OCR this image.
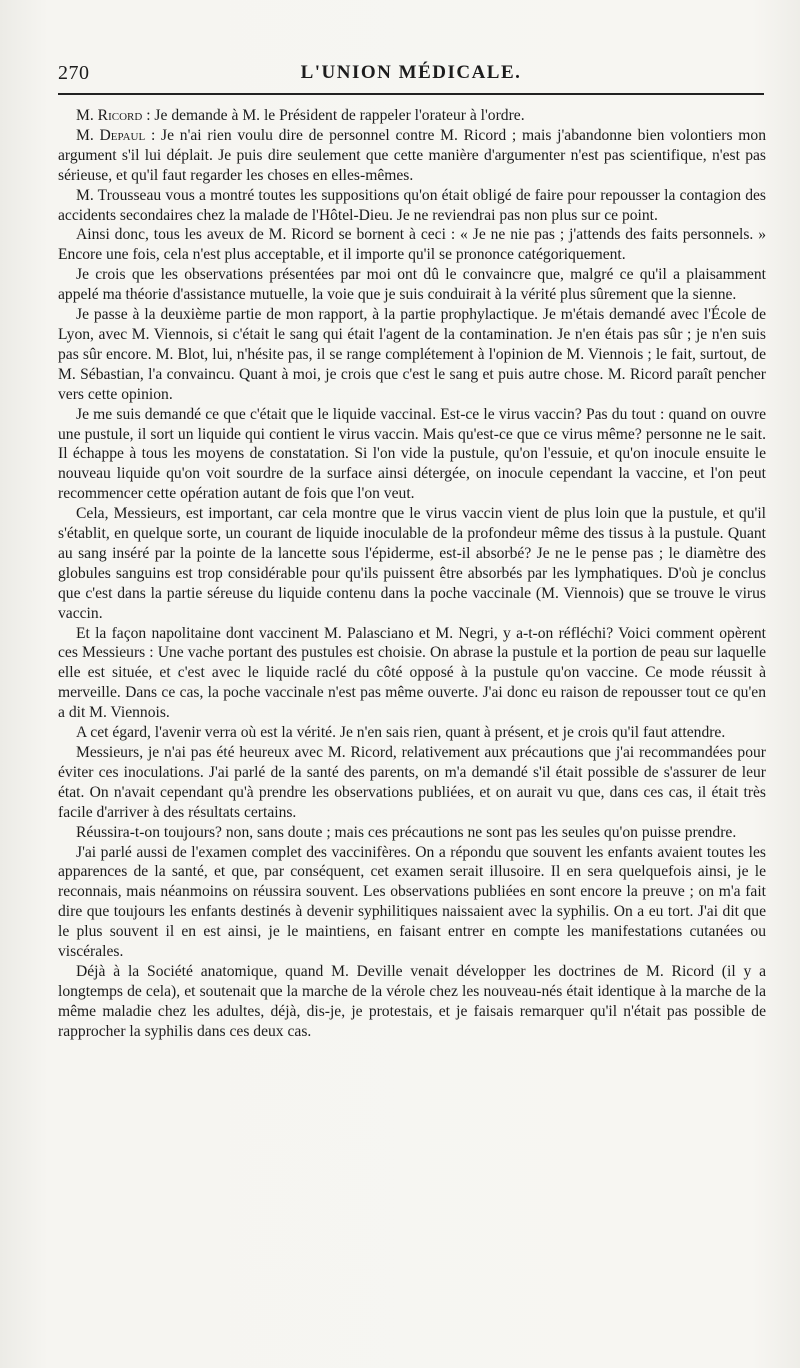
270	L'UNION MÉDICALE.

M. Ricord : Je demande à M. le Président de rappeler l'orateur à l'ordre.

M. Depaul : Je n'ai rien voulu dire de personnel contre M. Ricord ; mais j'abandonne bien volontiers mon argument s'il lui déplait. Je puis dire seulement que cette manière d'argumenter n'est pas scientifique, n'est pas sérieuse, et qu'il faut regarder les choses en elles-mêmes.

M. Trousseau vous a montré toutes les suppositions qu'on était obligé de faire pour repousser la contagion des accidents secondaires chez la malade de l'Hôtel-Dieu. Je ne reviendrai pas non plus sur ce point.

Ainsi donc, tous les aveux de M. Ricord se bornent à ceci : « Je ne nie pas ; j'attends des faits personnels. » Encore une fois, cela n'est plus acceptable, et il importe qu'il se prononce catégoriquement.

Je crois que les observations présentées par moi ont dû le convaincre que, malgré ce qu'il a plaisamment appelé ma théorie d'assistance mutuelle, la voie que je suis conduirait à la vérité plus sûrement que la sienne.

Je passe à la deuxième partie de mon rapport, à la partie prophylactique. Je m'étais demandé avec l'École de Lyon, avec M. Viennois, si c'était le sang qui était l'agent de la contamination. Je n'en étais pas sûr ; je n'en suis pas sûr encore. M. Blot, lui, n'hésite pas, il se range complétement à l'opinion de M. Viennois ; le fait, surtout, de M. Sébastian, l'a convaincu. Quant à moi, je crois que c'est le sang et puis autre chose. M. Ricord paraît pencher vers cette opinion.

Je me suis demandé ce que c'était que le liquide vaccinal. Est-ce le virus vaccin? Pas du tout : quand on ouvre une pustule, il sort un liquide qui contient le virus vaccin. Mais qu'est-ce que ce virus même? personne ne le sait. Il échappe à tous les moyens de constatation. Si l'on vide la pustule, qu'on l'essuie, et qu'on inocule ensuite le nouveau liquide qu'on voit sourdre de la surface ainsi détergée, on inocule cependant la vaccine, et l'on peut recommencer cette opération autant de fois que l'on veut.

Cela, Messieurs, est important, car cela montre que le virus vaccin vient de plus loin que la pustule, et qu'il s'établit, en quelque sorte, un courant de liquide inoculable de la profondeur même des tissus à la pustule. Quant au sang inséré par la pointe de la lancette sous l'épiderme, est-il absorbé? Je ne le pense pas ; le diamètre des globules sanguins est trop considérable pour qu'ils puissent être absorbés par les lymphatiques. D'où je conclus que c'est dans la partie séreuse du liquide contenu dans la poche vaccinale (M. Viennois) que se trouve le virus vaccin.

Et la façon napolitaine dont vaccinent M. Palasciano et M. Negri, y a-t-on réfléchi? Voici comment opèrent ces Messieurs : Une vache portant des pustules est choisie. On abrase la pustule et la portion de peau sur laquelle elle est située, et c'est avec le liquide raclé du côté opposé à la pustule qu'on vaccine. Ce mode réussit à merveille. Dans ce cas, la poche vaccinale n'est pas même ouverte. J'ai donc eu raison de repousser tout ce qu'en a dit M. Viennois.

A cet égard, l'avenir verra où est la vérité. Je n'en sais rien, quant à présent, et je crois qu'il faut attendre.

Messieurs, je n'ai pas été heureux avec M. Ricord, relativement aux précautions que j'ai recommandées pour éviter ces inoculations. J'ai parlé de la santé des parents, on m'a demandé s'il était possible de s'assurer de leur état. On n'avait cependant qu'à prendre les observations publiées, et on aurait vu que, dans ces cas, il était très facile d'arriver à des résultats certains.

Réussira-t-on toujours? non, sans doute ; mais ces précautions ne sont pas les seules qu'on puisse prendre.

J'ai parlé aussi de l'examen complet des vaccinifères. On a répondu que souvent les enfants avaient toutes les apparences de la santé, et que, par conséquent, cet examen serait illusoire. Il en sera quelquefois ainsi, je le reconnais, mais néanmoins on réussira souvent. Les observations publiées en sont encore la preuve ; on m'a fait dire que toujours les enfants destinés à devenir syphilitiques naissaient avec la syphilis. On a eu tort. J'ai dit que le plus souvent il en est ainsi, je le maintiens, en faisant entrer en compte les manifestations cutanées ou viscérales.

Déjà à la Société anatomique, quand M. Deville venait développer les doctrines de M. Ricord (il y a longtemps de cela), et soutenait que la marche de la vérole chez les nouveau-nés était identique à la marche de la même maladie chez les adultes, déjà, dis-je, je protestais, et je faisais remarquer qu'il n'était pas possible de rapprocher la syphilis dans ces deux cas.
